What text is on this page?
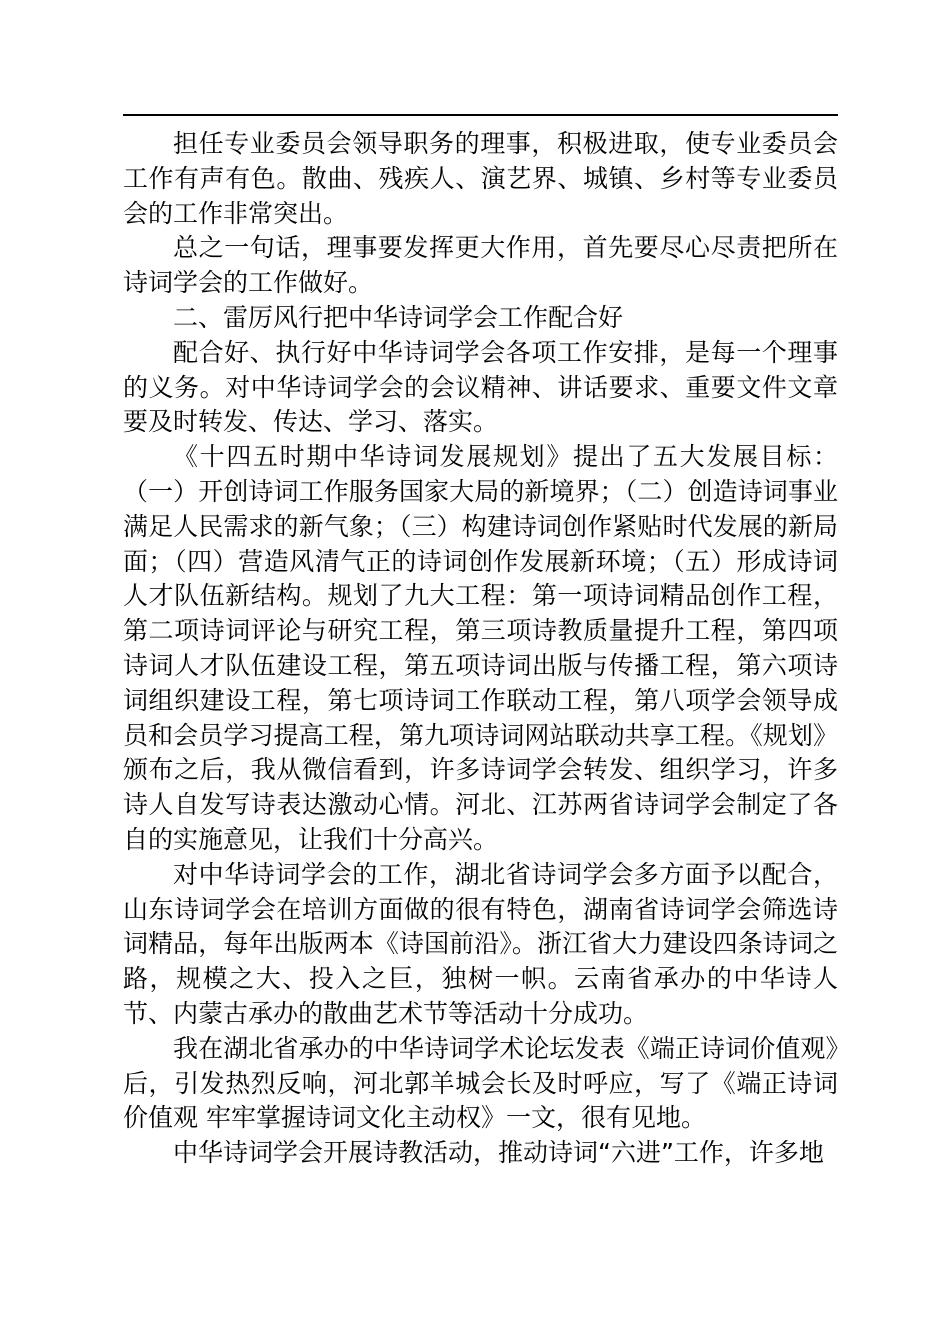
担任专业委员会领导职务的理事，积极进取，使专业委员会工作有声有色。散曲、残疾人、演艺界、城镇、乡村等专业委员会的工作非常突出。

总之一句话，理事要发挥更大作用，首先要尽心尽责把所在诗词学会的工作做好。

二、雷厉风行把中华诗词学会工作配合好

配合好、执行好中华诗词学会各项工作安排，是每一个理事的义务。对中华诗词学会的会议精神、讲话要求、重要文件文章要及时转发、传达、学习、落实。

《十四五时期中华诗词发展规划》提出了五大发展目标：（一）开创诗词工作服务国家大局的新境界；（二）创造诗词事业满足人民需求的新气象；（三）构建诗词创作紧贴时代发展的新局面；（四）营造风清气正的诗词创作发展新环境；（五）形成诗词人才队伍新结构。规划了九大工程：第一项诗词精品创作工程，第二项诗词评论与研究工程，第三项诗教质量提升工程，第四项诗词人才队伍建设工程，第五项诗词出版与传播工程，第六项诗词组织建设工程，第七项诗词工作联动工程，第八项学会领导成员和会员学习提高工程，第九项诗词网站联动共享工程。《规划》颁布之后，我从微信看到，许多诗词学会转发、组织学习，许多诗人自发写诗表达激动心情。河北、江苏两省诗词学会制定了各自的实施意见，让我们十分高兴。

对中华诗词学会的工作，湖北省诗词学会多方面予以配合，山东诗词学会在培训方面做的很有特色，湖南省诗词学会筛选诗词精品，每年出版两本《诗国前沿》。浙江省大力建设四条诗词之路，规模之大、投入之巨，独树一帜。云南省承办的中华诗人节、内蒙古承办的散曲艺术节等活动十分成功。

我在湖北省承办的中华诗词学术论坛发表《端正诗词价值观》后，引发热烈反响，河北郭羊城会长及时呼应，写了《端正诗词价值观 牢牢掌握诗词文化主动权》一文，很有见地。

中华诗词学会开展诗教活动，推动诗词“六进”工作，许多地
